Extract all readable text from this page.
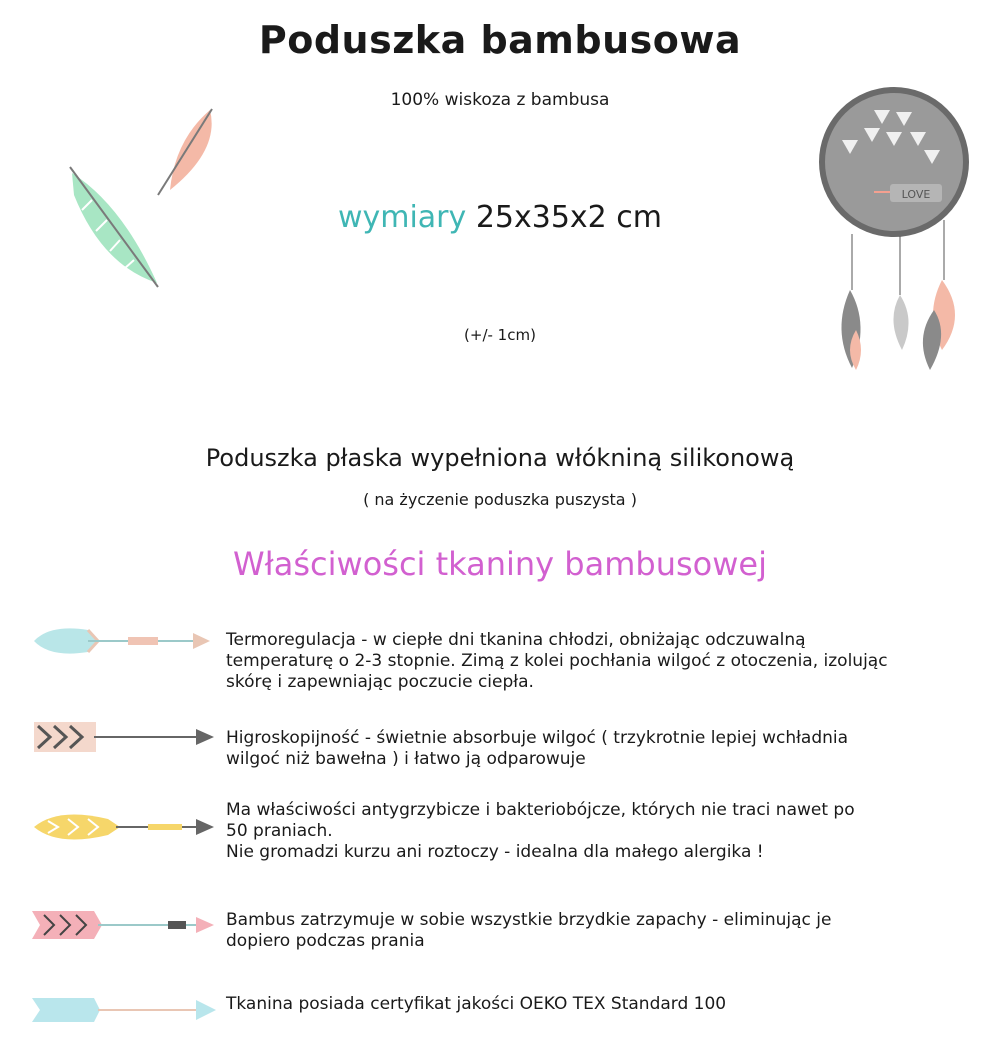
Poduszka bambusowa
100% wiskoza z bambusa
wymiary 25x35x2 cm
(+/- 1cm)
Poduszka płaska wypełniona włókniną silikonową
( na życzenie poduszka puszysta )
Właściwości tkaniny bambusowej
LOVE
Termoregulacja - w ciepłe dni tkanina chłodzi, obniżając odczuwalną
temperaturę o 2-3 stopnie. Zimą z kolei pochłania wilgoć z otoczenia, izolując
skórę i zapewniając poczucie ciepła.
Higroskopijność - świetnie absorbuje wilgoć ( trzykrotnie lepiej wchładnia
wilgoć niż bawełna ) i łatwo ją odparowuje
Ma właściwości antygrzybicze i bakteriobójcze, których nie traci nawet po
50 praniach.
Nie gromadzi kurzu ani roztoczy - idealna dla małego alergika !
Bambus zatrzymuje w sobie wszystkie brzydkie zapachy - eliminując je
dopiero podczas prania
Tkanina posiada certyfikat jakości OEKO TEX Standard 100
